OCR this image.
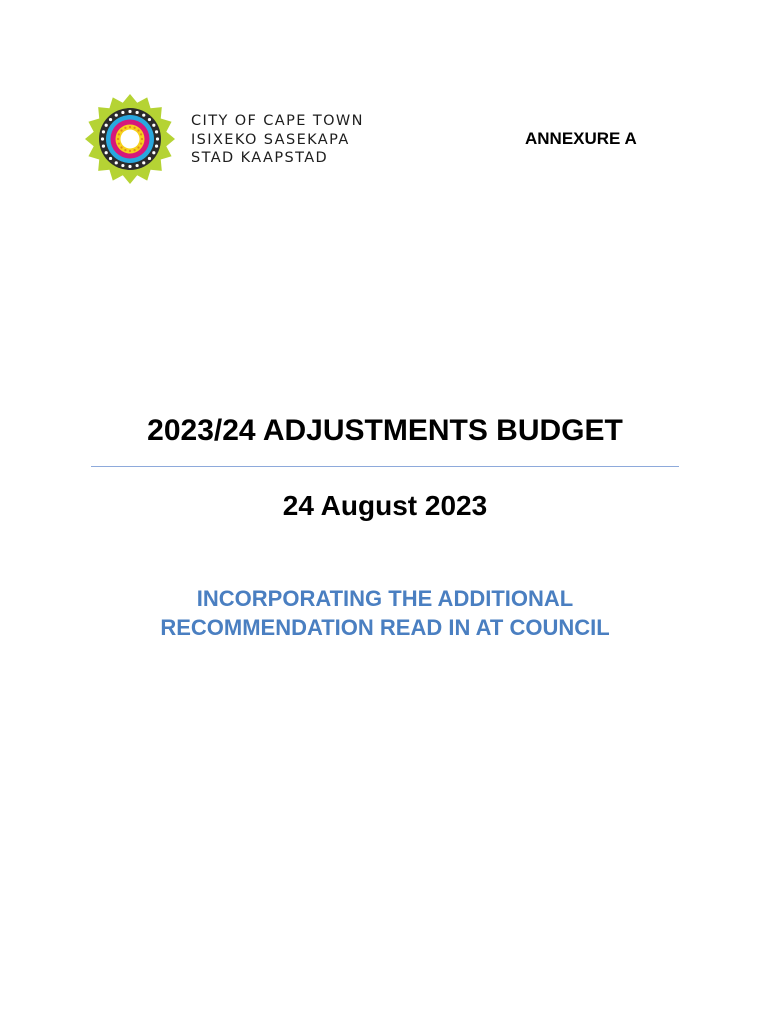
CITY OF CAPE TOWN
ISIXEKO SASEKAPA
STAD KAAPSTAD
ANNEXURE A
2023/24 ADJUSTMENTS BUDGET
24 August 2023
INCORPORATING THE ADDITIONAL
RECOMMENDATION READ IN AT COUNCIL
